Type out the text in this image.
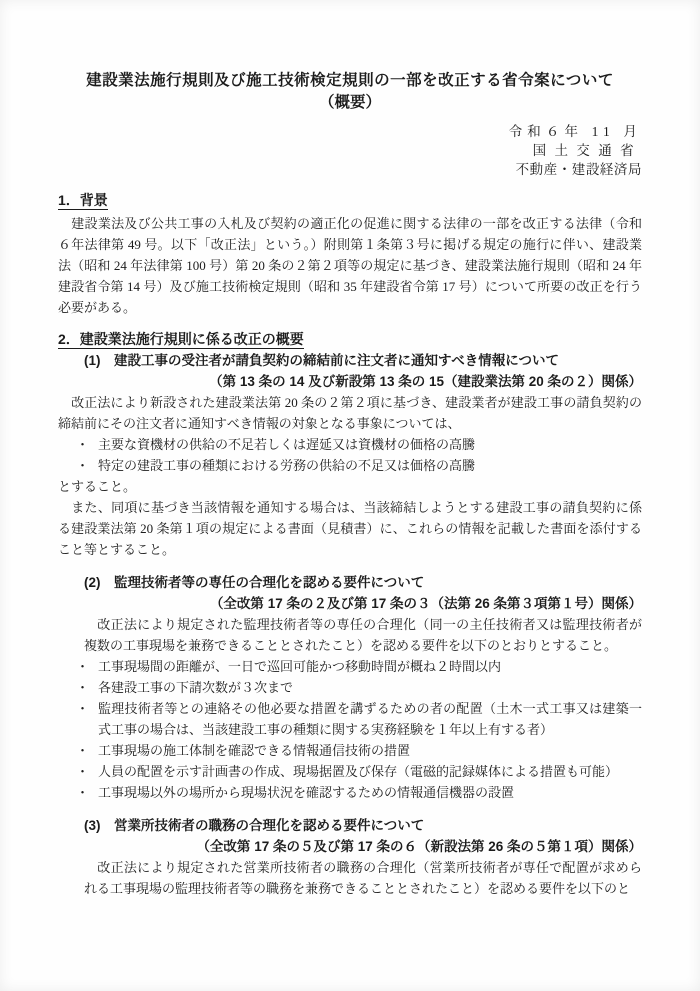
建設業法施行規則及び施工技術検定規則の一部を改正する省令案について
（概要）
令和６年 11 月
国土交通省
不動産・建設経済局
1．背景

　建設業法及び公共工事の入札及び契約の適正化の促進に関する法律の一部を改正する法律（令和６年法律第 49 号。以下「改正法」という。）附則第１条第３号に掲げる規定の施行に伴い、建設業法（昭和 24 年法律第 100 号）第 20 条の２第２項等の規定に基づき、建設業法施行規則（昭和 24 年建設省令第 14 号）及び施工技術検定規則（昭和 35 年建設省令第 17 号）について所要の改正を行う必要がある。

2．建設業法施行規則に係る改正の概要
(1)	建設工事の受注者が請負契約の締結前に注文者に通知すべき情報について
（第 13 条の 14 及び新設第 13 条の 15（建設業法第 20 条の２）関係）

　改正法により新設された建設業法第 20 条の２第２項に基づき、建設業者が建設工事の請負契約の締結前にその注文者に通知すべき情報の対象となる事象については、

・ 主要な資機材の供給の不足若しくは遅延又は資機材の価格の高騰
・ 特定の建設工事の種類における労務の供給の不足又は価格の高騰

とすること。

　また、同項に基づき当該情報を通知する場合は、当該締結しようとする建設工事の請負契約に係る建設業法第 20 条第１項の規定による書面（見積書）に、これらの情報を記載した書面を添付すること等とすること。

(2)	監理技術者等の専任の合理化を認める要件について
（全改第 17 条の２及び第 17 条の３（法第 26 条第３項第１号）関係）

　改正法により規定された監理技術者等の専任の合理化（同一の主任技術者又は監理技術者が複数の工事現場を兼務できることとされたこと）を認める要件を以下のとおりとすること。

・ 工事現場間の距離が、一日で巡回可能かつ移動時間が概ね２時間以内
・ 各建設工事の下請次数が３次まで
・ 監理技術者等との連絡その他必要な措置を講ずるための者の配置（土木一式工事又は建築一式工事の場合は、当該建設工事の種類に関する実務経験を１年以上有する者）
・ 工事現場の施工体制を確認できる情報通信技術の措置
・ 人員の配置を示す計画書の作成、現場据置及び保存（電磁的記録媒体による措置も可能）
・ 工事現場以外の場所から現場状況を確認するための情報通信機器の設置
(3)	営業所技術者の職務の合理化を認める要件について
（全改第 17 条の５及び第 17 条の６（新設法第 26 条の５第１項）関係）

　改正法により規定された営業所技術者の職務の合理化（営業所技術者が専任で配置が求められる工事現場の監理技術者等の職務を兼務できることとされたこと）を認める要件を以下のと
